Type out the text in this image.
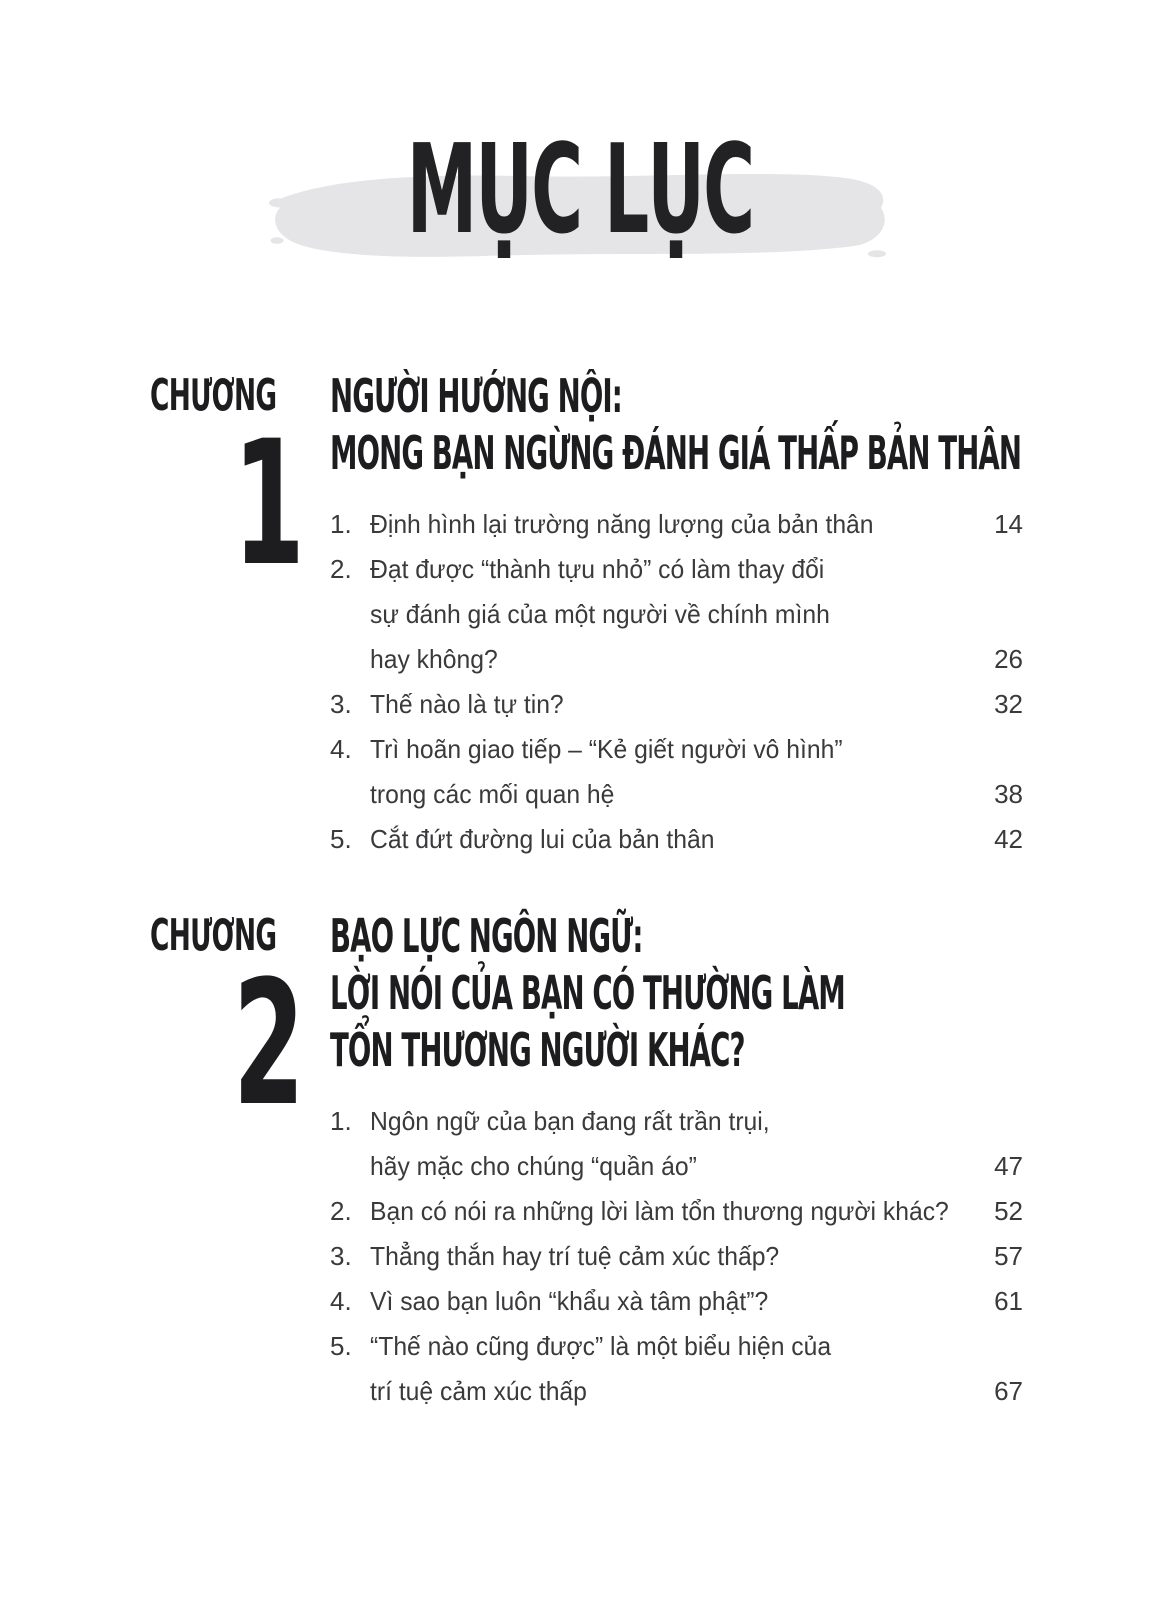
MỤC LỤC
CHƯƠNG
1
NGƯỜI HƯỚNG NỘI:
MONG BẠN NGỪNG ĐÁNH GIÁ THẤP BẢN THÂN
1. Định hình lại trường năng lượng của bản thân	14
2. Đạt được “thành tựu nhỏ” có làm thay đổi
sự đánh giá của một người về chính mình
hay không?	26
3. Thế nào là tự tin?	32
4. Trì hoãn giao tiếp – “Kẻ giết người vô hình”
trong các mối quan hệ	38
5. Cắt đứt đường lui của bản thân	42
CHƯƠNG
2
BẠO LỰC NGÔN NGỮ:
LỜI NÓI CỦA BẠN CÓ THƯỜNG LÀM
TỔN THƯƠNG NGƯỜI KHÁC?
1. Ngôn ngữ của bạn đang rất trần trụi,
hãy mặc cho chúng “quần áo”	47
2. Bạn có nói ra những lời làm tổn thương người khác?	52
3. Thẳng thắn hay trí tuệ cảm xúc thấp?	57
4. Vì sao bạn luôn “khẩu xà tâm phật”?	61
5. “Thế nào cũng được” là một biểu hiện của
trí tuệ cảm xúc thấp	67
